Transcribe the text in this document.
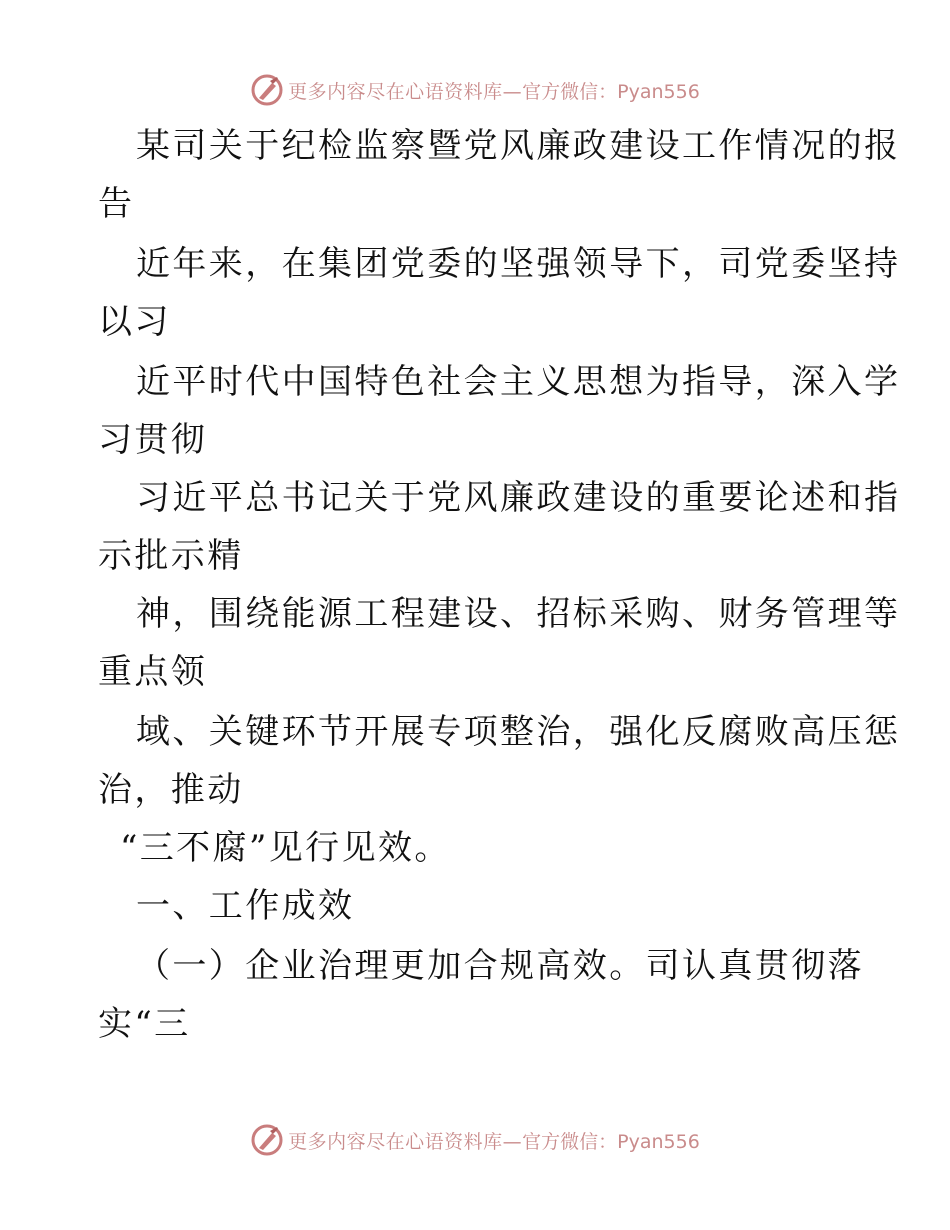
更多内容尽在心语资料库— 官方微信：Pyan556
某司关于纪检监察暨党风廉政建设工作情况的报
告
近年来，在集团党委的坚强领导下，司党委坚持
以习
近平时代中国特色社会主义思想为指导，深入学
习贯彻
习近平总书记关于党风廉政建设的重要论述和指
示批示精
神，围绕能源工程建设、招标采购、财务管理等
重点领
域、关键环节开展专项整治，强化反腐败高压惩
治，推动
“三不腐”见行见效。
一、工作成效
（一）企业治理更加合规高效。司认真贯彻落
实“三
更多内容尽在心语资料库— 官方微信：Pyan556
